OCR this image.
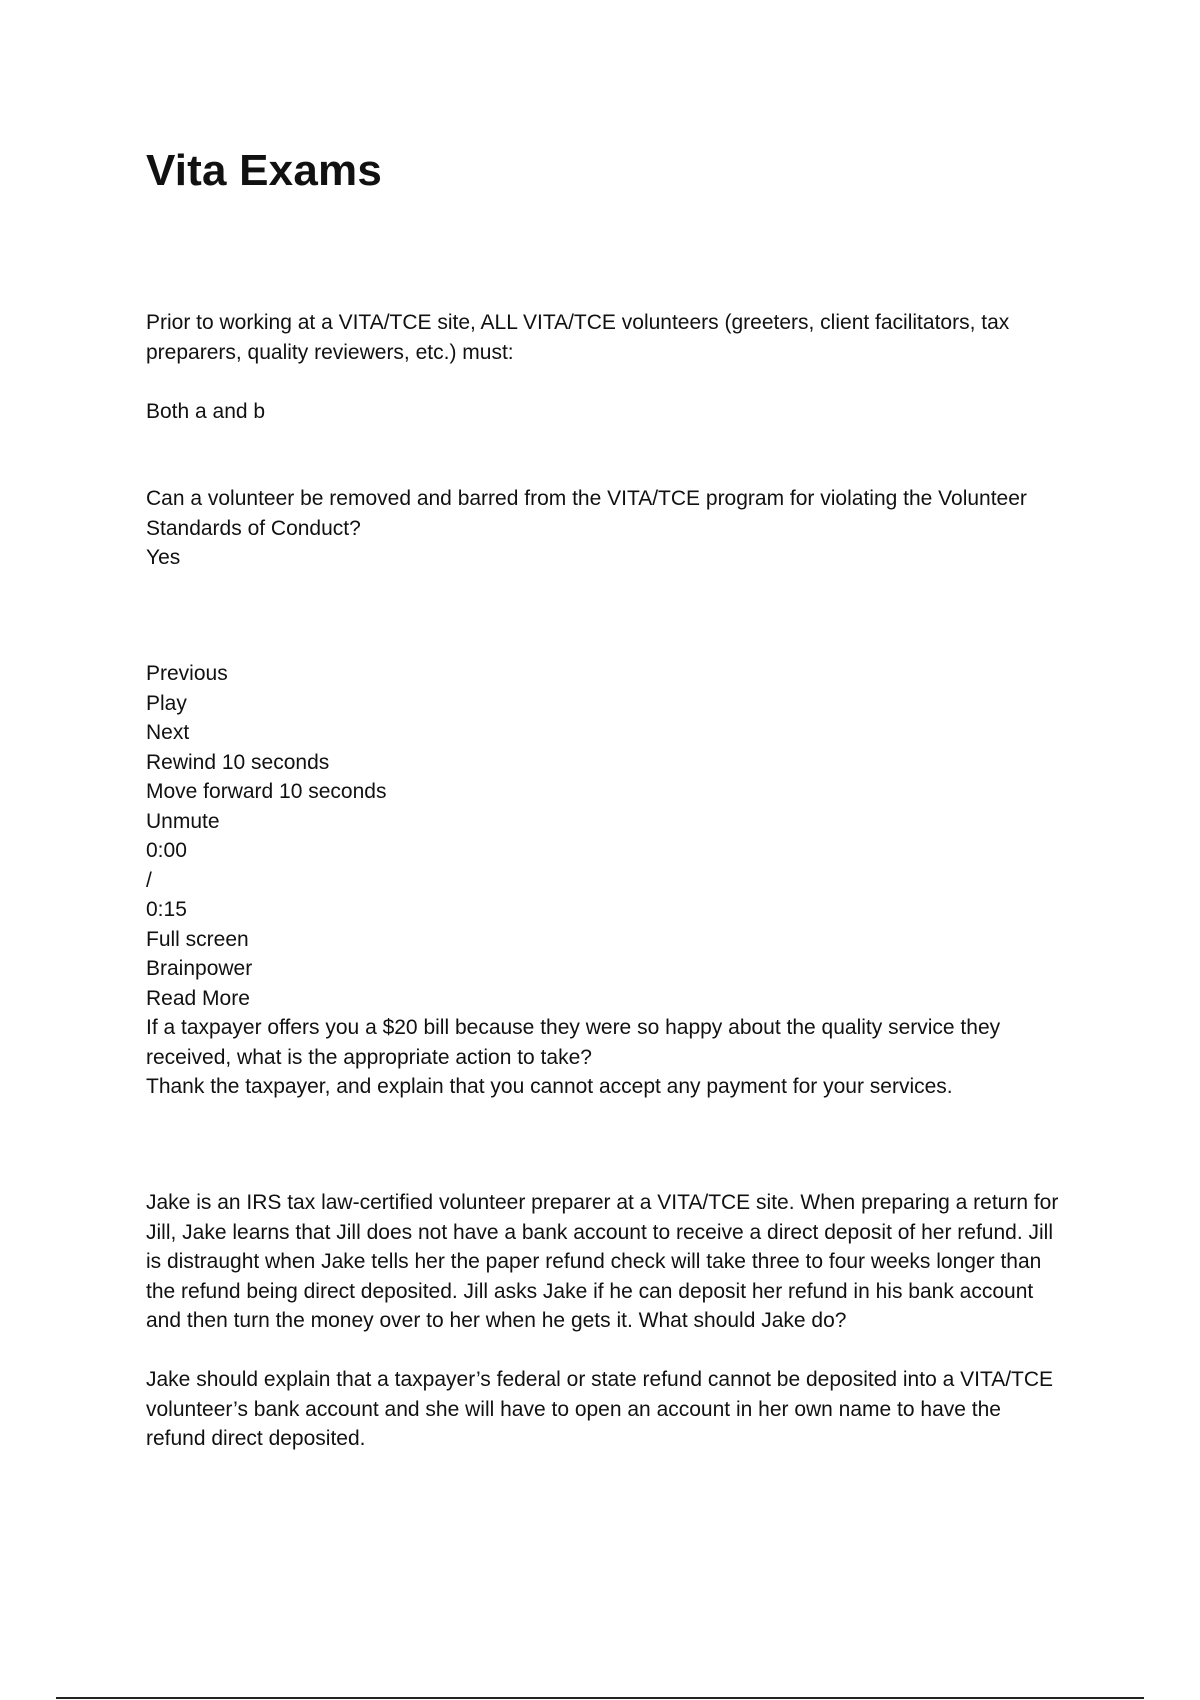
Vita Exams

Prior to working at a VITA/TCE site, ALL VITA/TCE volunteers (greeters, client facilitators, tax preparers, quality reviewers, etc.) must:

Both a and b

Can a volunteer be removed and barred from the VITA/TCE program for violating the Volunteer Standards of Conduct?

Yes

Previous
Play
Next
Rewind 10 seconds
Move forward 10 seconds
Unmute
0:00
/
0:15
Full screen
Brainpower
Read More

If a taxpayer offers you a $20 bill because they were so happy about the quality service they received, what is the appropriate action to take?

Thank the taxpayer, and explain that you cannot accept any payment for your services.

Jake is an IRS tax law-certified volunteer preparer at a VITA/TCE site. When preparing a return for Jill, Jake learns that Jill does not have a bank account to receive a direct deposit of her refund. Jill is distraught when Jake tells her the paper refund check will take three to four weeks longer than the refund being direct deposited. Jill asks Jake if he can deposit her refund in his bank account and then turn the money over to her when he gets it. What should Jake do?

Jake should explain that a taxpayer’s federal or state refund cannot be deposited into a VITA/TCE volunteer’s bank account and she will have to open an account in her own name to have the refund direct deposited.
